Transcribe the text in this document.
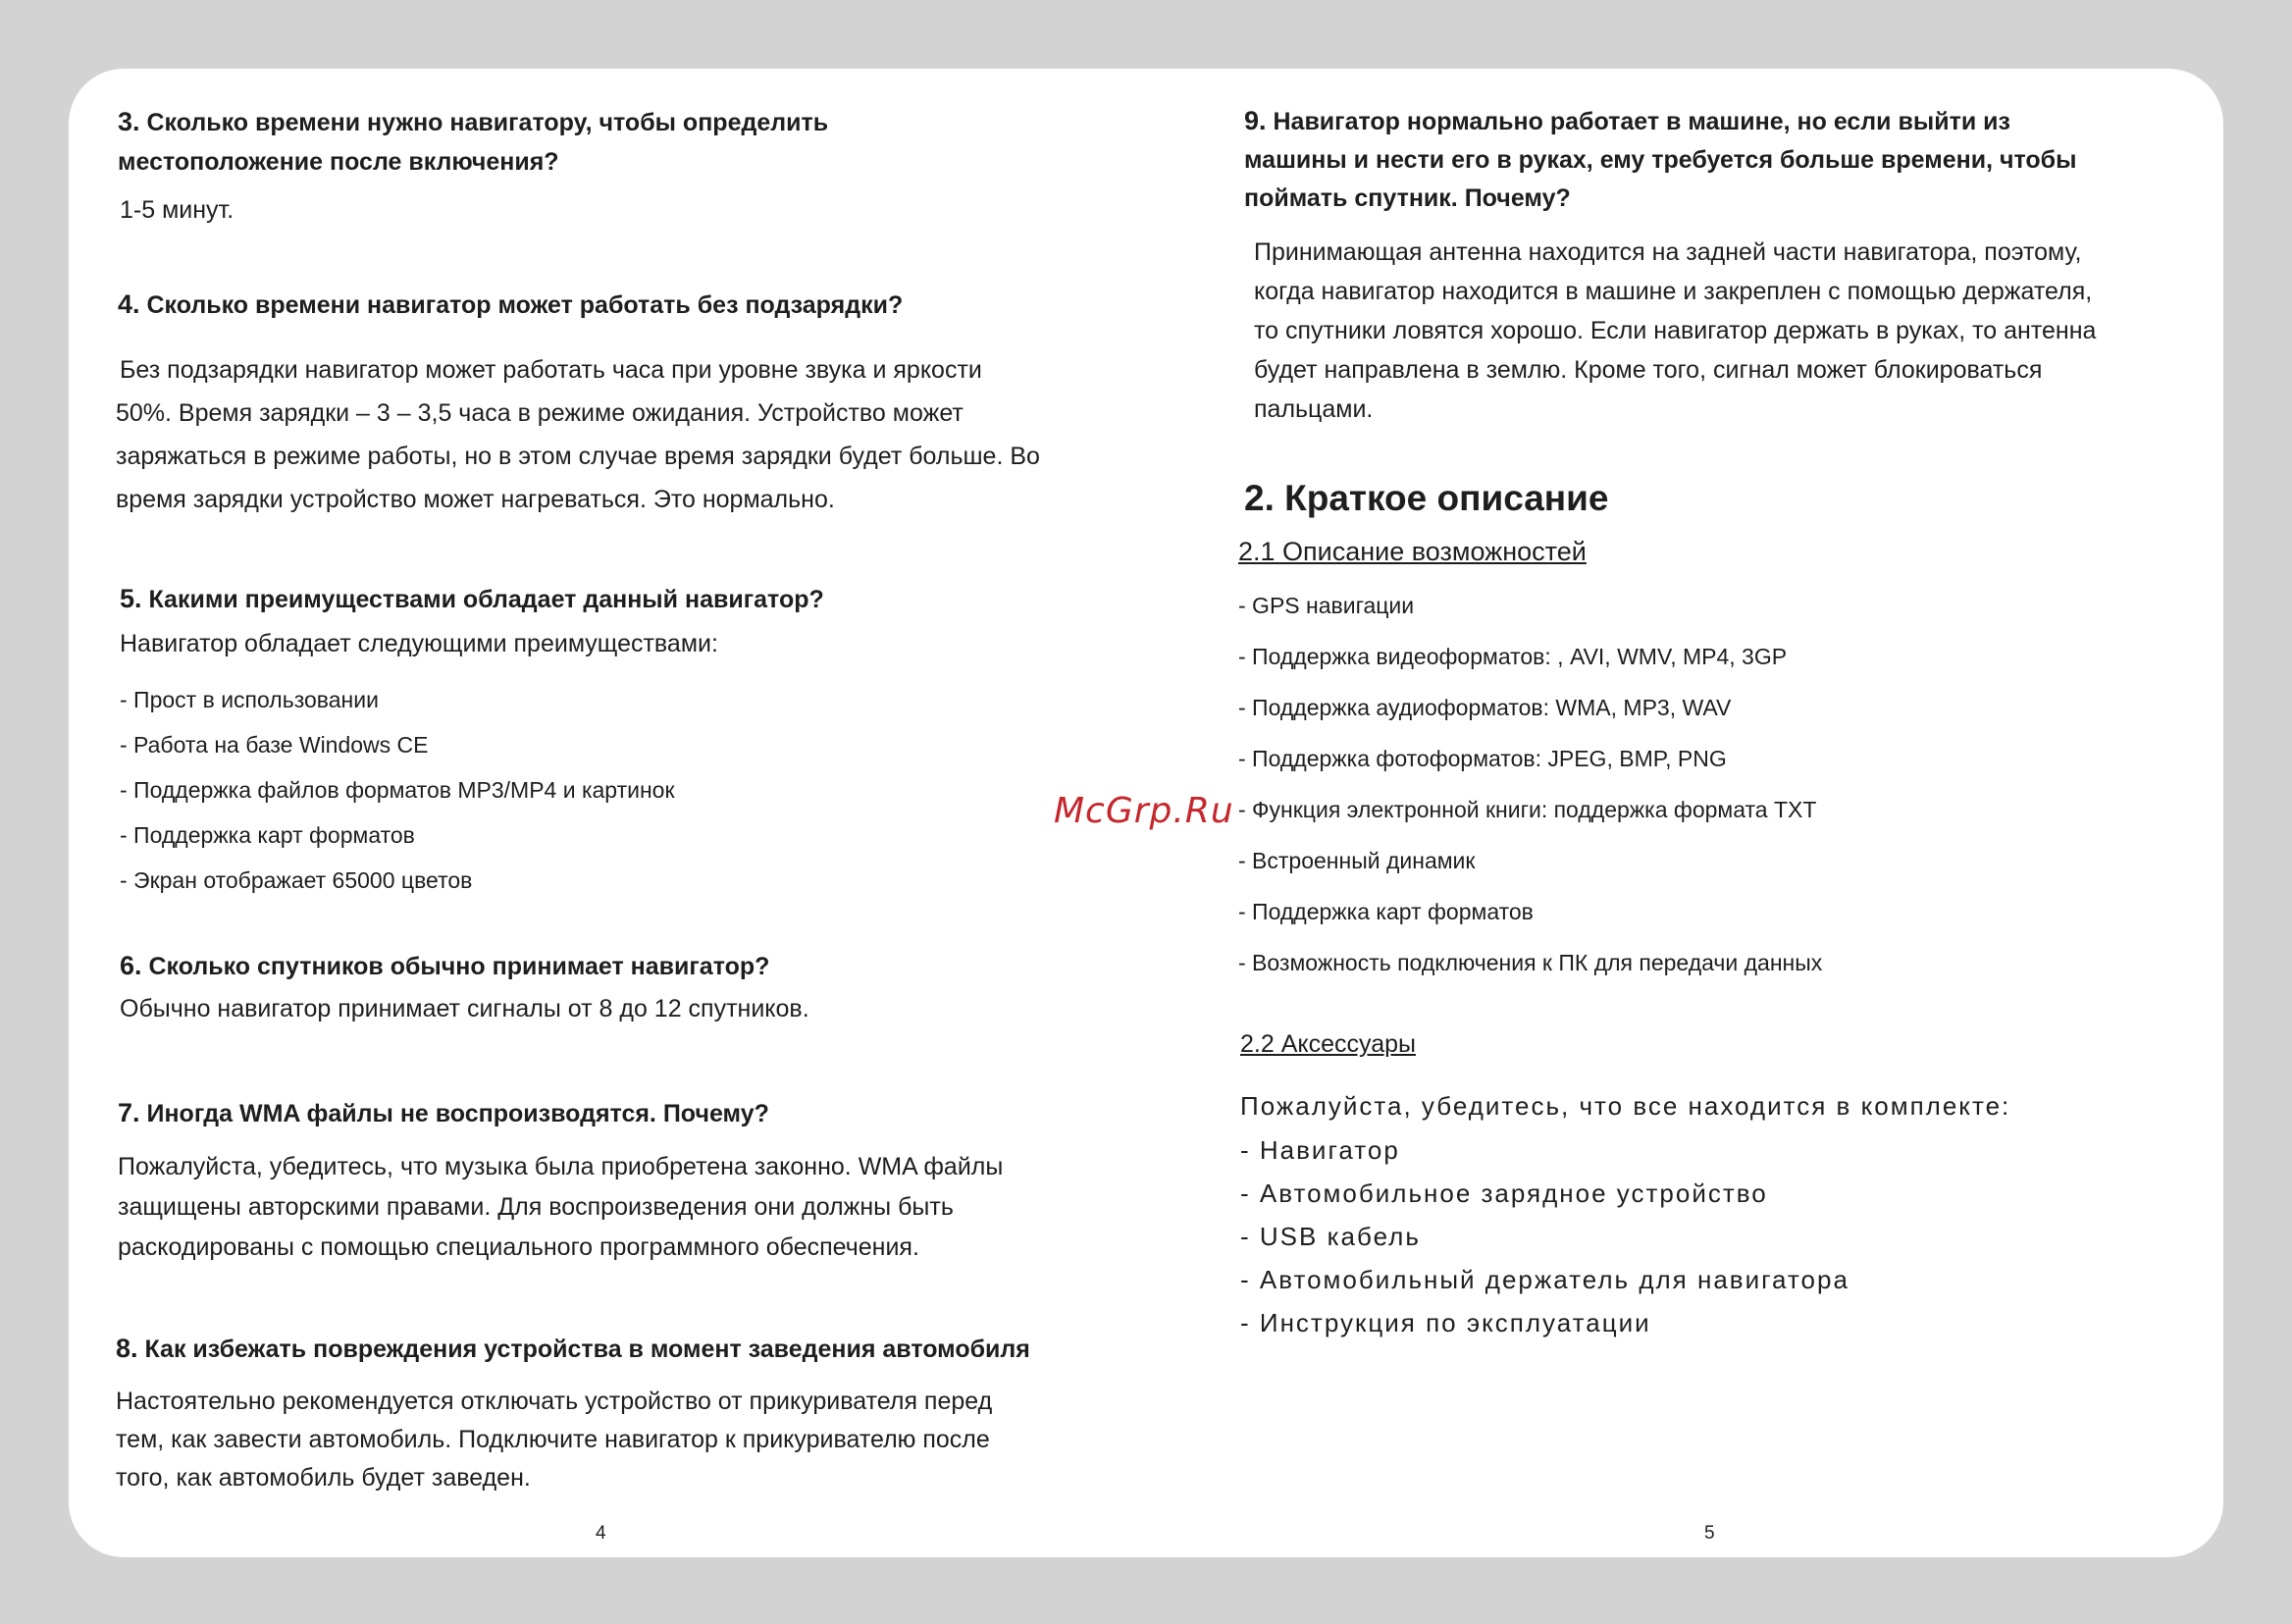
3. Сколько времени нужно навигатору, чтобы определить
местоположение после включения?
1-5 минут.
4. Сколько времени навигатор может работать без подзарядки?
Без подзарядки навигатор может работать часа при уровне звука и яркости
50%. Время зарядки – 3 – 3,5 часа в режиме ожидания. Устройство может
заряжаться в режиме работы, но в этом случае время зарядки будет больше. Во
время зарядки устройство может нагреваться. Это нормально.
5. Какими преимуществами обладает данный навигатор?
Навигатор обладает следующими преимуществами:
- Прост в использовании
- Работа на базе Windows CE
- Поддержка файлов форматов MP3/MP4 и картинок
- Поддержка карт форматов
- Экран отображает 65000 цветов
6. Сколько спутников обычно принимает навигатор?
Обычно навигатор принимает сигналы от 8 до 12 спутников.
7. Иногда WMA файлы не воспроизводятся. Почему?
Пожалуйста, убедитесь, что музыка была приобретена законно. WMA файлы
защищены авторскими правами. Для воспроизведения они должны быть
раскодированы с помощью специального программного обеспечения.
8. Как избежать повреждения устройства в момент заведения автомобиля
Настоятельно рекомендуется отключать устройство от прикуривателя перед
тем, как завести автомобиль. Подключите навигатор к прикуривателю после
того, как автомобиль будет заведен.
4
9. Навигатор нормально работает в машине, но если выйти из
машины и нести его в руках, ему требуется больше времени, чтобы
поймать спутник. Почему?
Принимающая антенна находится на задней части навигатора, поэтому,
когда навигатор находится в машине и закреплен с помощью держателя,
то спутники ловятся хорошо. Если навигатор держать в руках, то антенна
будет направлена в землю. Кроме того, сигнал может блокироваться
пальцами.
2. Краткое описание
2.1 Описание возможностей
- GPS навигации
- Поддержка видеоформатов: , AVI, WMV, MP4, 3GP
- Поддержка аудиоформатов: WMA, MP3, WAV
- Поддержка фотоформатов: JPEG, BMP, PNG
- Функция электронной книги: поддержка формата TXT
- Встроенный динамик
- Поддержка карт форматов
- Возможность подключения к ПК для передачи данных
2.2 Аксессуары
Пожалуйста, убедитесь, что все находится в комплекте:
- Навигатор
- Автомобильное зарядное устройство
- USB кабель
- Автомобильный держатель для навигатора
- Инструкция по эксплуатации
5
McGrp.Ru
